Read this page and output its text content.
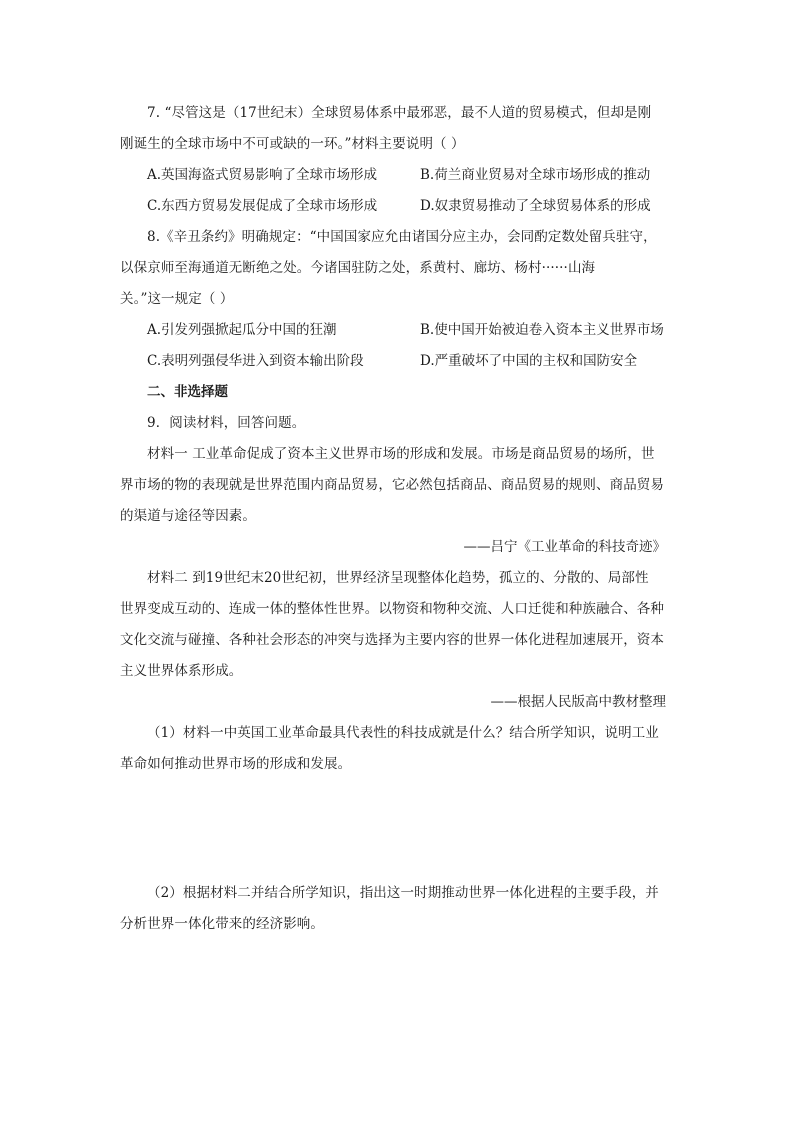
7. “尽管这是（17世纪末）全球贸易体系中最邪恶，最不人道的贸易模式，但却是刚
刚诞生的全球市场中不可或缺的一环。”材料主要说明（ ）
A.英国海盗式贸易影响了全球市场形成	B.荷兰商业贸易对全球市场形成的推动
C.东西方贸易发展促成了全球市场形成	D.奴隶贸易推动了全球贸易体系的形成
8.《辛丑条约》明确规定：“中国国家应允由诸国分应主办，会同酌定数处留兵驻守，
以保京师至海通道无断绝之处。今诸国驻防之处，系黄村、廊坊、杨村······山海
关。”这一规定（ ）
A.引发列强掀起瓜分中国的狂潮	B.使中国开始被迫卷入资本主义世界市场
C.表明列强侵华进入到资本输出阶段	D.严重破坏了中国的主权和国防安全
二、非选择题
9．阅读材料，回答问题。
材料一 工业革命促成了资本主义世界市场的形成和发展。市场是商品贸易的场所，世
界市场的物的表现就是世界范围内商品贸易，它必然包括商品、商品贸易的规则、商品贸易
的渠道与途径等因素。
——吕宁《工业革命的科技奇迹》
材料二 到19世纪末20世纪初，世界经济呈现整体化趋势，孤立的、分散的、局部性
世界变成互动的、连成一体的整体性世界。以物资和物种交流、人口迁徙和种族融合、各种
文化交流与碰撞、各种社会形态的冲突与选择为主要内容的世界一体化进程加速展开，资本
主义世界体系形成。
——根据人民版高中教材整理
（1）材料一中英国工业革命最具代表性的科技成就是什么？结合所学知识，说明工业
革命如何推动世界市场的形成和发展。
（2）根据材料二并结合所学知识，指出这一时期推动世界一体化进程的主要手段，并
分析世界一体化带来的经济影响。
